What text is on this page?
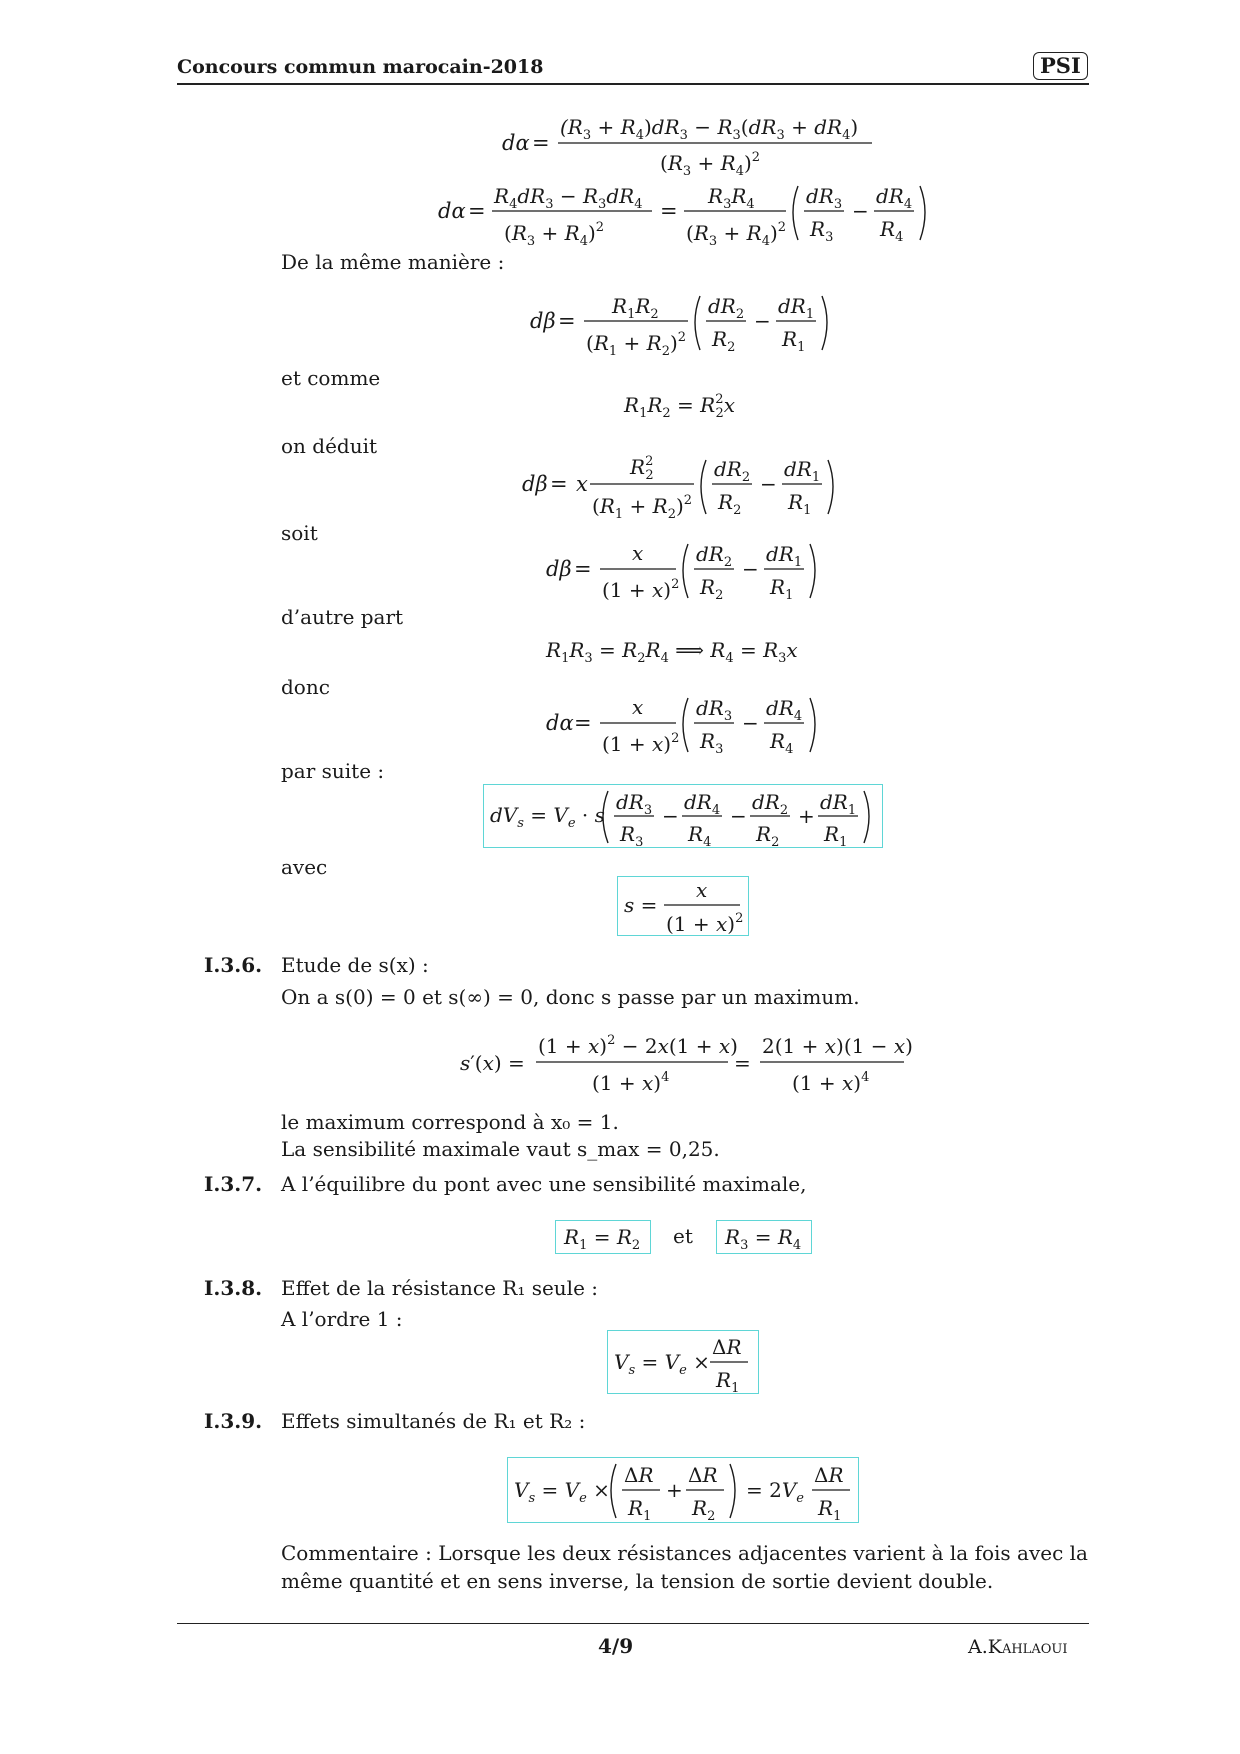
Concours commun marocain-2018	PSI
dα =
$(R_3 + R_4)dR_3 - R_3(dR_3 + dR_4)$
$(R_3 + R_4)^2$
dα =
$R_4dR_3 - R_3dR_4$
$(R_3 + R_4)^2$
=
$R_3R_4$
$(R_3 + R_4)^2$
$dR_3$
$R_3$
−
$dR_4$
$R_4$
De la même manière :
dβ =
$R_1R_2$
$(R_1 + R_2)^2$
$dR_2$
$R_2$
−
$dR_1$
$R_1$
et comme
$R_1R_2 = R^2$ 2x
on déduit
dβ = x
$R^2$ 2
$(R_1 + R_2)^2$
$dR_2$
$R_2$
−
$dR_1$
$R_1$
soit
dβ =
x
$(1 + x)^2$
$dR_2$
$R_2$
−
$dR_1$
$R_1$
d’autre part
$R_1R_3 = R_2R_4$ ⟹ $R_4 = R_3x$
donc
dα =
x
$(1 + x)^2$
$dR_3$
$R_3$
−
$dR_4$
$R_4$
par suite :
$dV_s = V_e \cdot s$
$dR_3$
$R_3$
−
$dR_4$
$R_4$
−
$dR_2$
$R_2$
+
$dR_1$
$R_1$
avec
s =
x
$(1 + x)^2$
I.3.6. Etude de s(x) :
On a s(0) = 0 et s(∞) = 0, donc s passe par un maximum.
s′(x) =
$(1 + x)^2 - 2x(1 + x)$
$(1 + x)^4$
=
2(1 + x)(1 − x)
$(1 + x)^4$
le maximum correspond à x₀ = 1.
La sensibilité maximale vaut s_max = 0,25.
I.3.7. A l’équilibre du pont avec une sensibilité maximale,
$R_1 = R_2$ et $R_3 = R_4$
I.3.8. Effet de la résistance R₁ seule :
A l’ordre 1 :
$V_s = V_e$ ×
ΔR
$R_1$
I.3.9. Effets simultanés de R₁ et R₂ :
$V_s = V_e$ ×
ΔR
$R_1$
+
ΔR
$R_2$
= $2V_e$
ΔR
$R_1$
Commentaire : Lorsque les deux résistances adjacentes varient à la fois avec la
même quantité et en sens inverse, la tension de sortie devient double.
4/9	A.Kahlaoui
